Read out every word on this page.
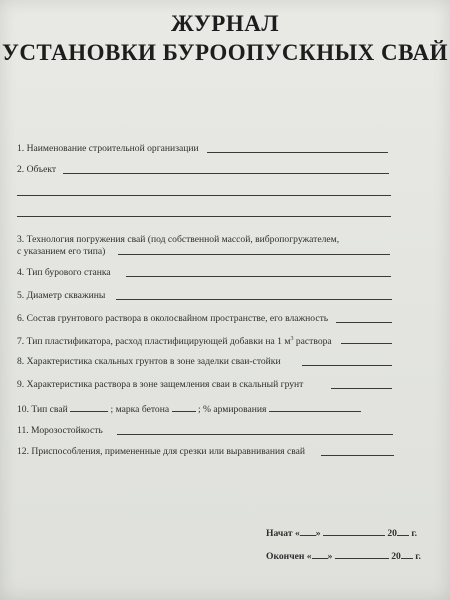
ЖУРНАЛ
УСТАНОВКИ БУРООПУСКНЫХ СВАЙ
1. Наименование строительной организации
2. Объект
3. Технология погружения свай (под собственной массой, вибропогружателем,
с указанием его типа)
4. Тип бурового станка
5. Диаметр скважины
6. Состав грунтового раствора в околосвайном пространстве, его влажность
7. Тип пластификатора, расход пластифицирующей добавки на 1 $м^3$ раствора
8. Характеристика скальных грунтов в зоне заделки сваи-стойки
9. Характеристика раствора в зоне защемления сваи в скальный грунт
10. Тип свай	; марка бетона	; % армирования
11. Морозостойкость
12. Приспособления, примененные для срезки или выравнивания свай
Начат « »	20 г.
Окончен « »	20 г.
